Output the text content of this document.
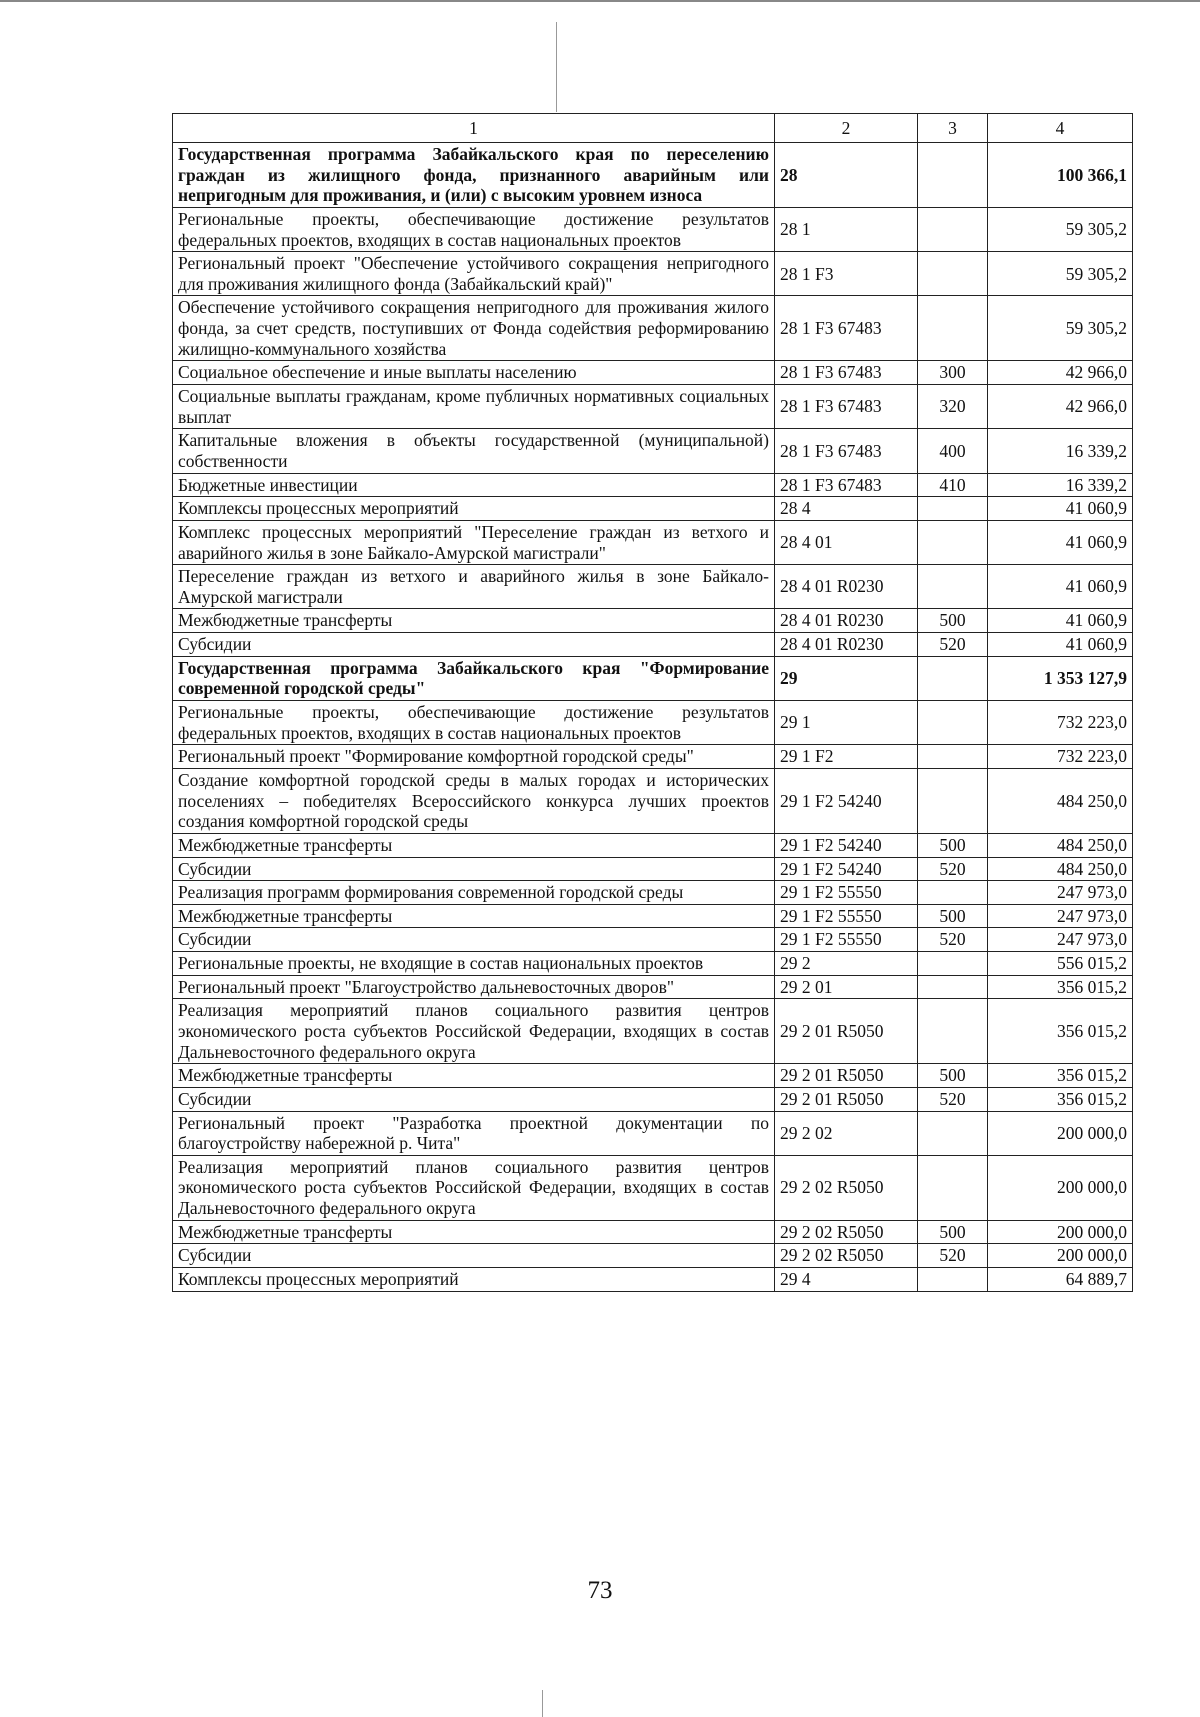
1	2	3	4
Государственная программа Забайкальского края по переселению граждан из жилищного фонда, признанного аварийным или непригодным для проживания, и (или) с высоким уровнем износа	28		100 366,1
Региональные проекты, обеспечивающие достижение результатов федеральных проектов, входящих в состав национальных проектов	28 1		59 305,2
Региональный проект "Обеспечение устойчивого сокращения непригодного для проживания жилищного фонда (Забайкальский край)"	28 1 F3		59 305,2
Обеспечение устойчивого сокращения непригодного для проживания жилого фонда, за счет средств, поступивших от Фонда содействия реформированию жилищно-коммунального хозяйства	28 1 F3 67483		59 305,2
Социальное обеспечение и иные выплаты населению	28 1 F3 67483	300	42 966,0
Социальные выплаты гражданам, кроме публичных нормативных социальных выплат	28 1 F3 67483	320	42 966,0
Капитальные вложения в объекты государственной (муниципальной) собственности	28 1 F3 67483	400	16 339,2
Бюджетные инвестиции	28 1 F3 67483	410	16 339,2
Комплексы процессных мероприятий	28 4		41 060,9
Комплекс процессных мероприятий "Переселение граждан из ветхого и аварийного жилья в зоне Байкало-Амурской магистрали"	28 4 01		41 060,9
Переселение граждан из ветхого и аварийного жилья в зоне Байкало-Амурской магистрали	28 4 01 R0230		41 060,9
Межбюджетные трансферты	28 4 01 R0230	500	41 060,9
Субсидии	28 4 01 R0230	520	41 060,9
Государственная программа Забайкальского края "Формирование современной городской среды"	29		1 353 127,9
Региональные проекты, обеспечивающие достижение результатов федеральных проектов, входящих в состав национальных проектов	29 1		732 223,0
Региональный проект "Формирование комфортной городской среды"	29 1 F2		732 223,0
Создание комфортной городской среды в малых городах и исторических поселениях – победителях Всероссийского конкурса лучших проектов создания комфортной городской среды	29 1 F2 54240		484 250,0
Межбюджетные трансферты	29 1 F2 54240	500	484 250,0
Субсидии	29 1 F2 54240	520	484 250,0
Реализация программ формирования современной городской среды	29 1 F2 55550		247 973,0
Межбюджетные трансферты	29 1 F2 55550	500	247 973,0
Субсидии	29 1 F2 55550	520	247 973,0
Региональные проекты, не входящие в состав национальных проектов	29 2		556 015,2
Региональный проект "Благоустройство дальневосточных дворов"	29 2 01		356 015,2
Реализация мероприятий планов социального развития центров экономического роста субъектов Российской Федерации, входящих в состав Дальневосточного федерального округа	29 2 01 R5050		356 015,2
Межбюджетные трансферты	29 2 01 R5050	500	356 015,2
Субсидии	29 2 01 R5050	520	356 015,2
Региональный проект "Разработка проектной документации по благоустройству набережной р. Чита"	29 2 02		200 000,0
Реализация мероприятий планов социального развития центров экономического роста субъектов Российской Федерации, входящих в состав Дальневосточного федерального округа	29 2 02 R5050		200 000,0
Межбюджетные трансферты	29 2 02 R5050	500	200 000,0
Субсидии	29 2 02 R5050	520	200 000,0
Комплексы процессных мероприятий	29 4		64 889,7
73
